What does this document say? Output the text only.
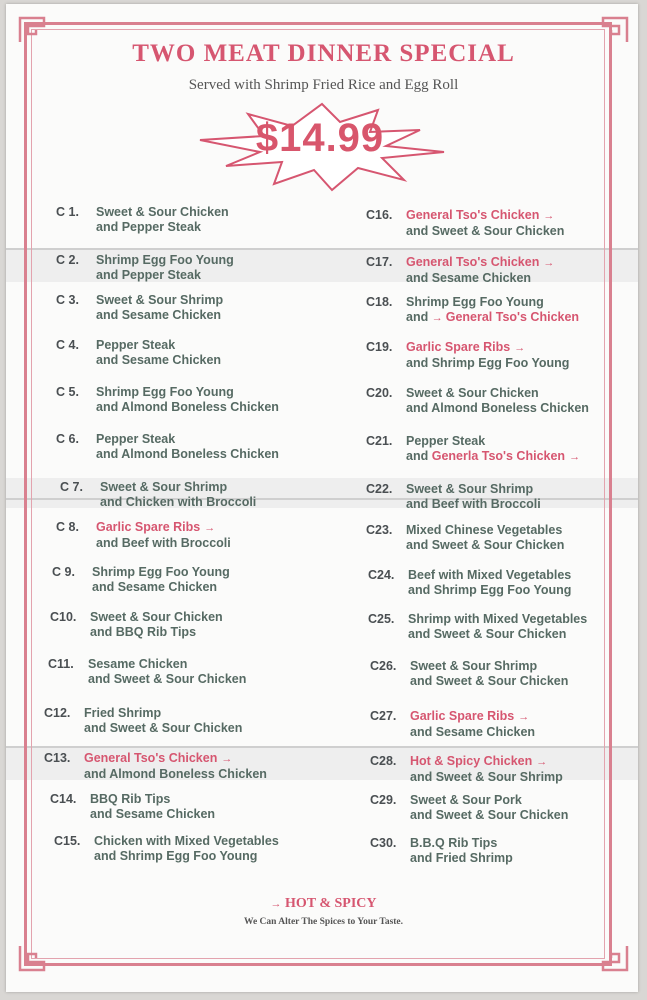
TWO MEAT DINNER SPECIAL
Served with Shrimp Fried Rice and Egg Roll
$14.99
C 1.	Sweet & Sour Chicken
and Pepper Steak
C 2.	Shrimp Egg Foo Young
and Pepper Steak
C 3.	Sweet & Sour Shrimp
and Sesame Chicken
C 4.	Pepper Steak
and Sesame Chicken
C 5.	Shrimp Egg Foo Young
and Almond Boneless Chicken
C 6.	Pepper Steak
and Almond Boneless Chicken
C 7.	Sweet & Sour Shrimp
and Chicken with Broccoli
C 8.	Garlic Spare Ribs →
and Beef with Broccoli
C 9.	Shrimp Egg Foo Young
and Sesame Chicken
C10.	Sweet & Sour Chicken
and BBQ Rib Tips
C11.	Sesame Chicken
and Sweet & Sour Chicken
C12.	Fried Shrimp
and Sweet & Sour Chicken
C13.	General Tso's Chicken →
and Almond Boneless Chicken
C14.	BBQ Rib Tips
and Sesame Chicken
C15.	Chicken with Mixed Vegetables
and Shrimp Egg Foo Young
C16.	General Tso's Chicken →
and Sweet & Sour Chicken
C17.	General Tso's Chicken →
and Sesame Chicken
C18.	Shrimp Egg Foo Young
and → General Tso's Chicken
C19.	Garlic Spare Ribs →
and Shrimp Egg Foo Young
C20.	Sweet & Sour Chicken
and Almond Boneless Chicken
C21.	Pepper Steak
and Generla Tso's Chicken →
C22.	Sweet & Sour Shrimp
and Beef with Broccoli
C23.	Mixed Chinese Vegetables
and Sweet & Sour Chicken
C24.	Beef with Mixed Vegetables
and Shrimp Egg Foo Young
C25.	Shrimp with Mixed Vegetables
and Sweet & Sour Chicken
C26.	Sweet & Sour Shrimp
and Sweet & Sour Chicken
C27.	Garlic Spare Ribs →
and Sesame Chicken
C28.	Hot & Spicy Chicken →
and Sweet & Sour Shrimp
C29.	Sweet & Sour Pork
and Sweet & Sour Chicken
C30.	B.B.Q Rib Tips
and Fried Shrimp
→ HOT & SPICY
We Can Alter The Spices to Your Taste.
